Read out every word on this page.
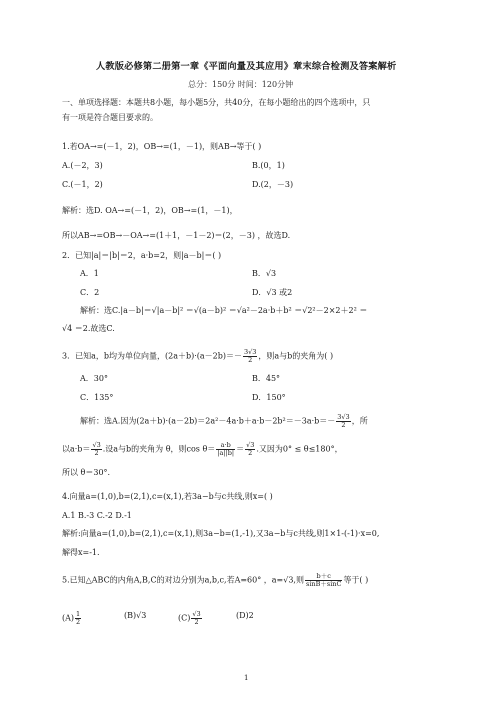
人教版必修第二册第一章《平面向量及其应用》章末综合检测及答案解析
总分：150分 时间：120分钟
一、单项选择题：本题共8小题，每小题5分，共40分，在每小题给出的四个选项中，只
有一项是符合题目要求的。
1.若OA→=(－1，2)，OB→=(1，－1)，则AB→等于( )
A.(－2，3)	B.(0，1)
C.(－1，2)	D.(2，－3)
解析：选D. OA→=(－1，2)，OB→=(1，－1)，
所以AB→=OB→－OA→=(1＋1，－1－2)＝(2，－3) ，故选D.
2．已知|a|＝|b|＝2，a·b=2，则|a－b|＝( )
A．1	B．√3
C．2	D．√3 或2
解析：选C.|a－b|＝√|a－b|² ＝√(a－b)² ＝√a²－2a·b＋b² ＝√2²－2×2＋2² ＝
√4 ＝2.故选C.
3．已知a，b均为单位向量，$(2a+b)\cdot(a-2b)=- \frac{3√3}{2}$ ，则a与b的夹角为( )
A．30°	B．45°
C．135°	D．150°
解析：选A.因为$(2a+b)\cdot(a-2b)=2a^2-4a\cdot b+a\cdot b-2b^2=-3a\cdot b=- \frac{3√3}{2}$ ，所
以$a\cdot b= \frac{√3}{2}$ .设a与b的夹角为 θ，则$\cos \theta= \frac{a\cdot b}{|a||b|} = \frac{√3}{2}$ .又因为0° ≤ θ≤180°，
所以 θ＝30°.
4.向量a=(1,0),b=(2,1),c=(x,1),若3a−b与c共线,则x=( )
A.1 B.-3 C.-2 D.-1
解析:向量a=(1,0),b=(2,1),c=(x,1),则3a−b=(1,-1),又3a−b与c共线,则1×1-(-1)·x=0,
解得x=-1.
5.已知△ABC的内角A,B,C的对边分别为a,b,c,若A=60° ，a=√3,则 $\frac{b+c}{\sin B+\sin C}$ 等于( )
$(A) \frac{1}{2}$	(B)√3	$(C) \frac{√3}{2}$	(D)2
1
